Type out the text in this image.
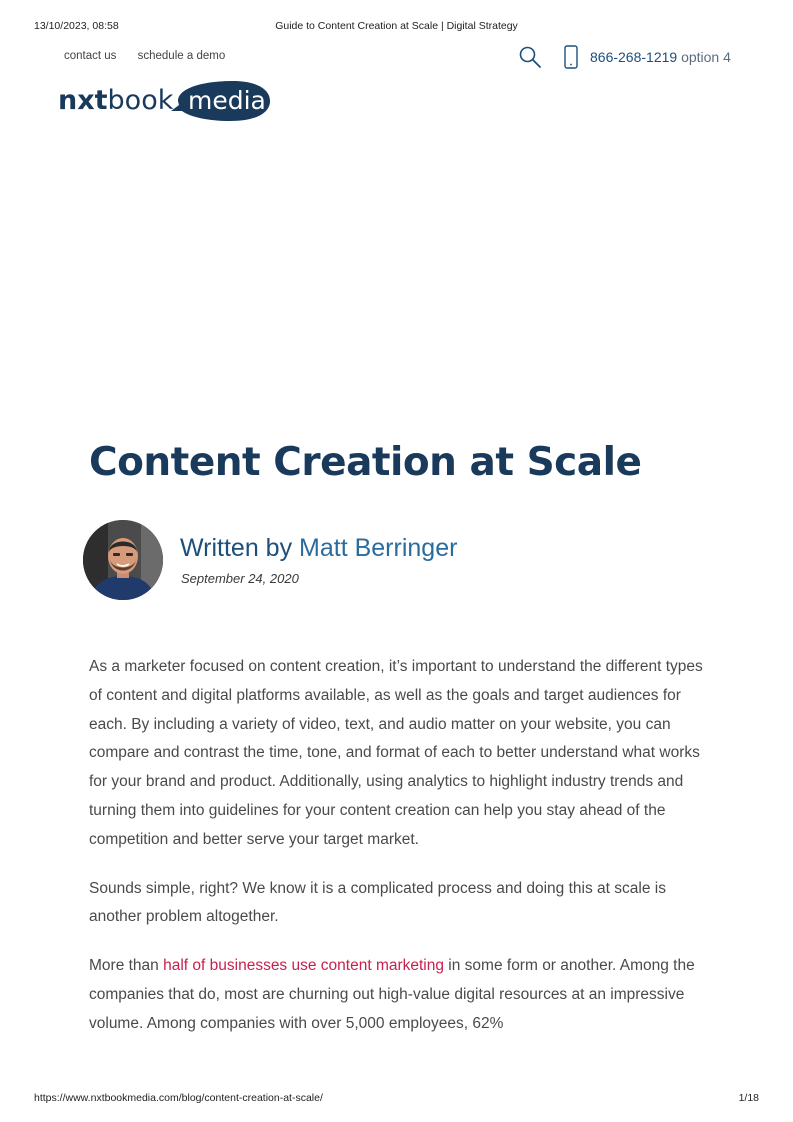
13/10/2023, 08:58	Guide to Content Creation at Scale | Digital Strategy
contact us schedule a demo	866-268-1219 option 4
nxtbook media
Content Creation at Scale
Written by Matt Berringer
September 24, 2020

As a marketer focused on content creation, it’s important to understand the different types of content and digital platforms available, as well as the goals and target audiences for each. By including a variety of video, text, and audio matter on your website, you can compare and contrast the time, tone, and format of each to better understand what works for your brand and product. Additionally, using analytics to highlight industry trends and turning them into guidelines for your content creation can help you stay ahead of the competition and better serve your target market.

Sounds simple, right? We know it is a complicated process and doing this at scale is another problem altogether.

More than half of businesses use content marketing in some form or another. Among the companies that do, most are churning out high-value digital resources at an impressive volume. Among companies with over 5,000 employees, 62%

https://www.nxtbookmedia.com/blog/content-creation-at-scale/	1/18
